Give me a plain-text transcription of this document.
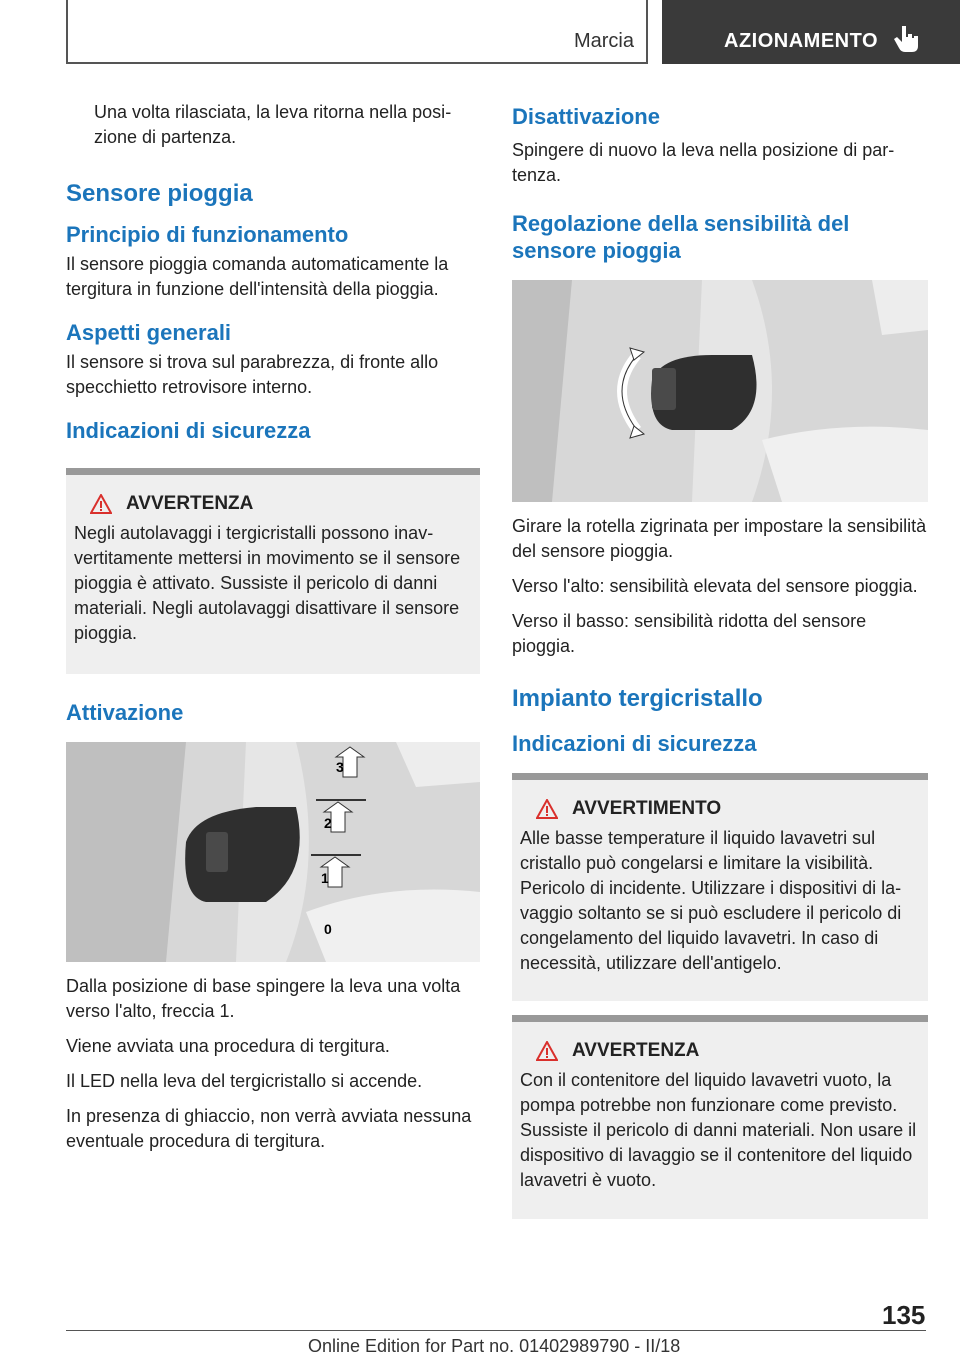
Marcia	AZIONAMENTO

Una volta rilasciata, la leva ritorna nella posizione di partenza.

Sensore pioggia
Principio di funzionamento

Il sensore pioggia comanda automaticamente la tergitura in funzione dell'intensità della pioggia.

Aspetti generali

Il sensore si trova sul parabrezza, di fronte allo specchietto retrovisore interno.

Indicazioni di sicurezza
AVVERTENZA

Negli autolavaggi i tergicristalli possono inavvertitamente mettersi in movimento se il sensore pioggia è attivato. Sussiste il pericolo di danni materiali. Negli autolavaggi disattivare il sensore pioggia.

Attivazione
3
2
1
0

Dalla posizione di base spingere la leva una volta verso l'alto, freccia 1.

Viene avviata una procedura di tergitura.

Il LED nella leva del tergicristallo si accende.

In presenza di ghiaccio, non verrà avviata nessuna eventuale procedura di tergitura.

Disattivazione

Spingere di nuovo la leva nella posizione di partenza.

Regolazione della sensibilità del sensore pioggia

Girare la rotella zigrinata per impostare la sensibilità del sensore pioggia.

Verso l'alto: sensibilità elevata del sensore pioggia.

Verso il basso: sensibilità ridotta del sensore pioggia.

Impianto tergicristallo
Indicazioni di sicurezza
AVVERTIMENTO

Alle basse temperature il liquido lavavetri sul cristallo può congelarsi e limitare la visibilità. Pericolo di incidente. Utilizzare i dispositivi di lavaggio soltanto se si può escludere il pericolo di congelamento del liquido lavavetri. In caso di necessità, utilizzare dell'antigelo.

AVVERTENZA

Con il contenitore del liquido lavavetri vuoto, la pompa potrebbe non funzionare come previsto. Sussiste il pericolo di danni materiali. Non usare il dispositivo di lavaggio se il contenitore del liquido lavavetri è vuoto.

135
Online Edition for Part no. 01402989790 - II/18
